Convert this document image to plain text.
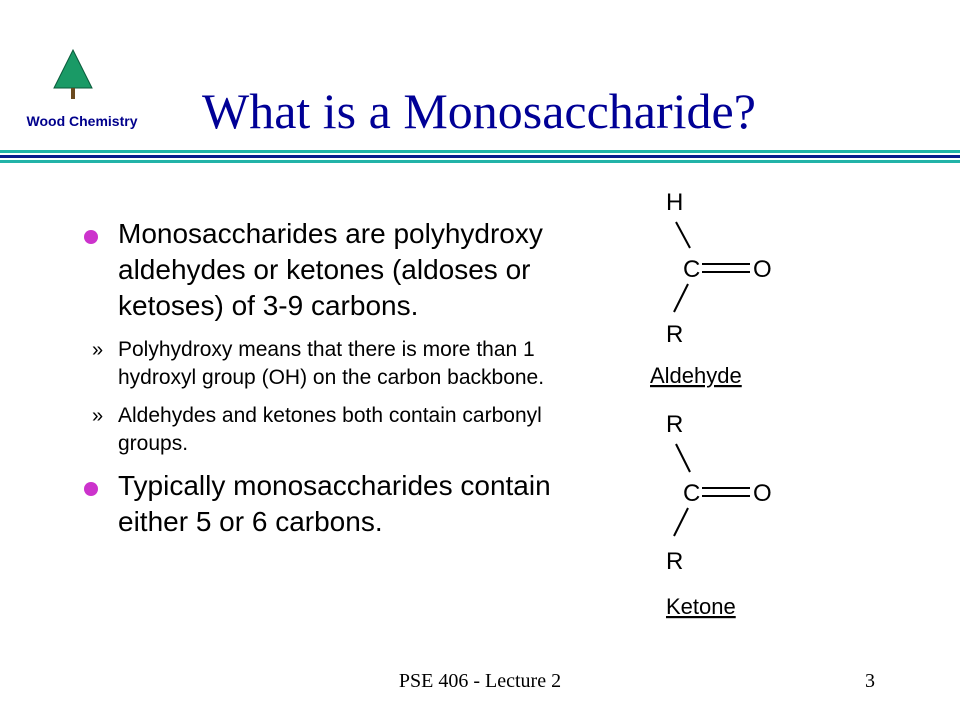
Wood Chemistry What is a Monosaccharide?
Monosaccharides are polyhydroxy aldehydes or ketones (aldoses or ketoses) of 3-9 carbons.
» Polyhydroxy means that there is more than 1 hydroxyl group (OH) on the carbon backbone.
» Aldehydes and ketones both contain carbonyl groups.
Typically monosaccharides contain either 5 or 6 carbons.
H
C O
R
Aldehyde
R
C O
R
Ketone
PSE 406 - Lecture 2	3
